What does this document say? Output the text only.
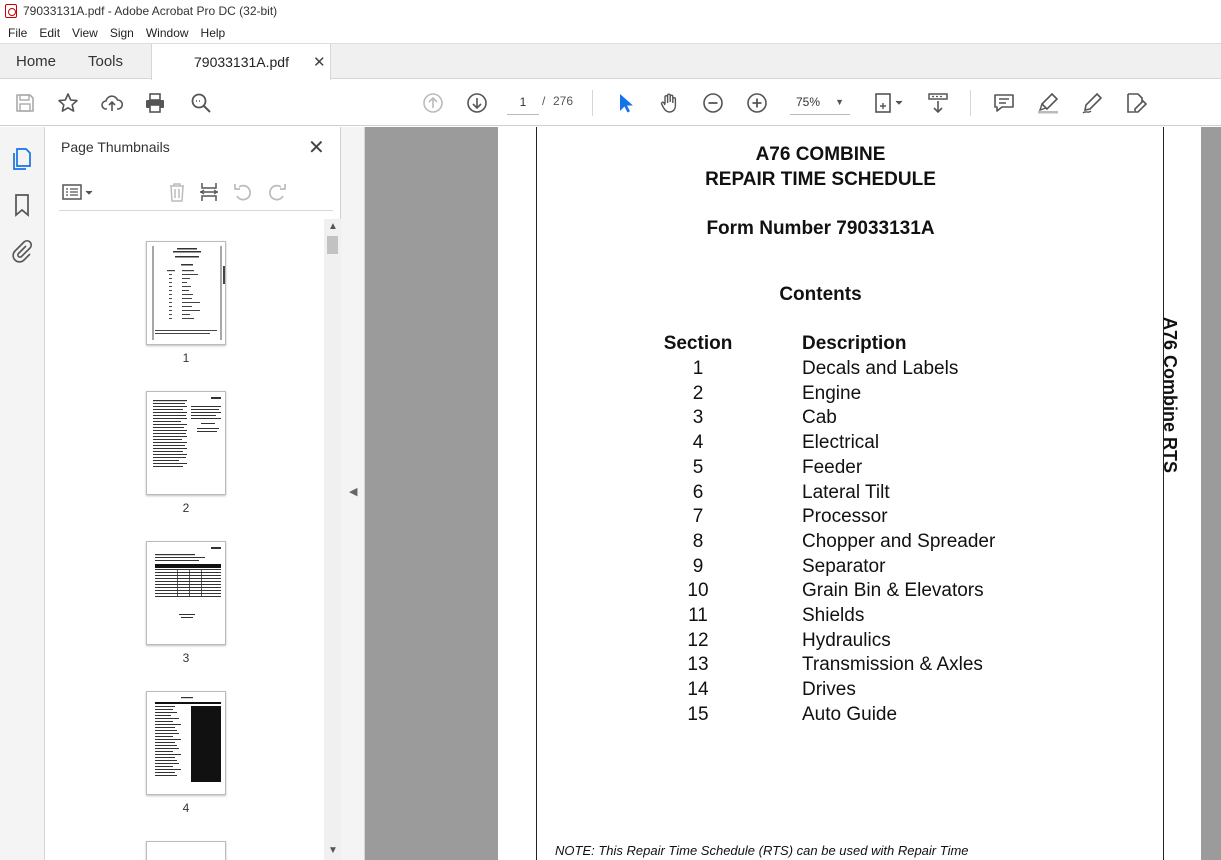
79033131A.pdf - Adobe Acrobat Pro DC (32-bit)
File	Edit	View	Sign	Window	Help
Home Tools	79033131A.pdf ✕
1	/ 276	75% ▼
Page Thumbnails	✕
1
2
3
4
▲
▼
◀
A76 COMBINE
REPAIR TIME SCHEDULE
Form Number 79033131A
Contents
Section	Description
1	Decals and Labels
2	Engine
3	Cab
4	Electrical
5	Feeder
6	Lateral Tilt
7	Processor
8	Chopper and Spreader
9	Separator
10	Grain Bin & Elevators
11	Shields
12	Hydraulics
13	Transmission & Axles
14	Drives
15	Auto Guide
A76 Combine RTS
NOTE: This Repair Time Schedule (RTS) can be used with Repair Time
